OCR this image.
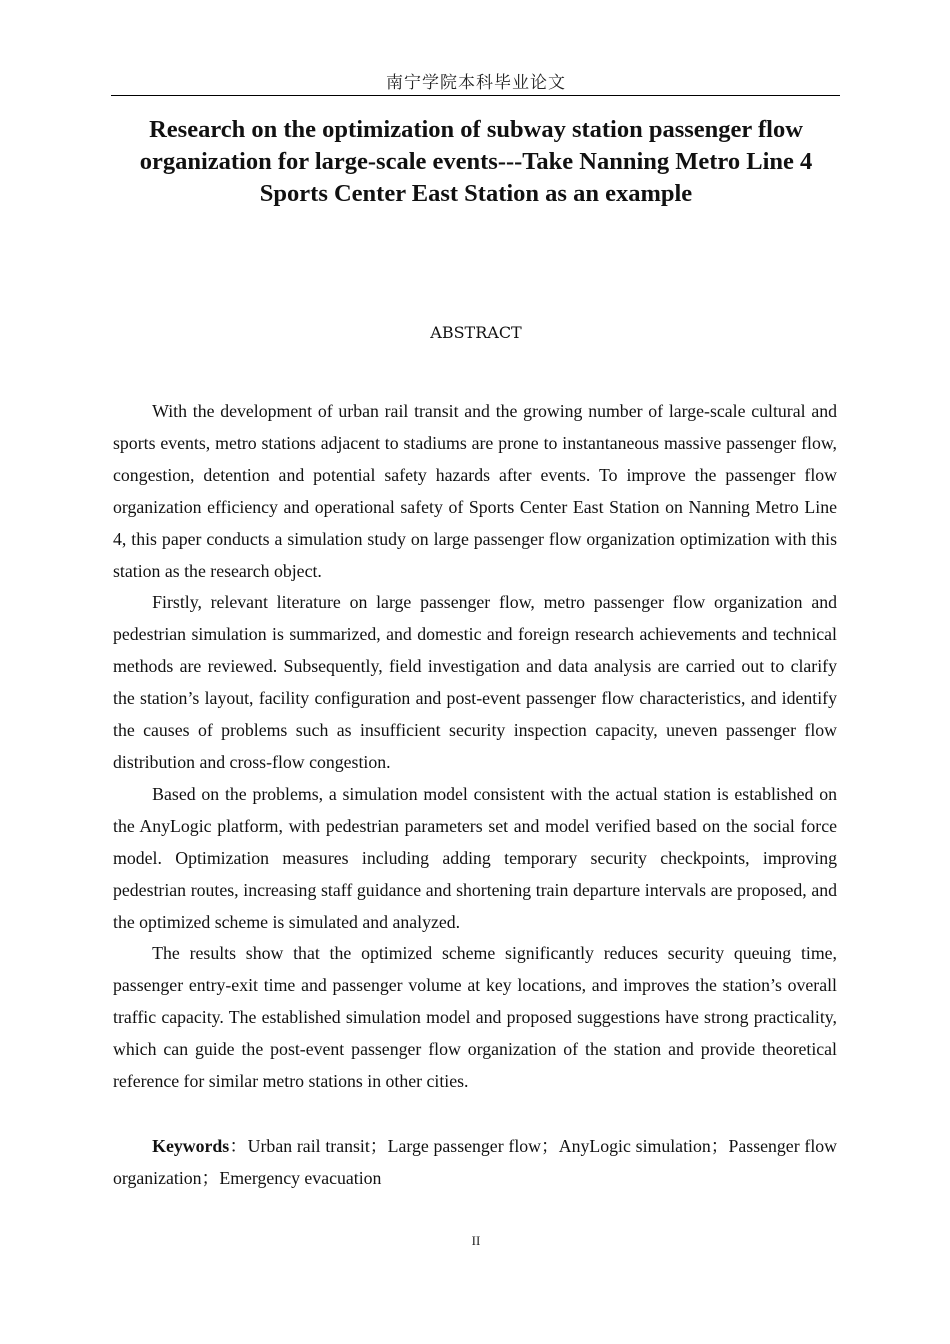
南宁学院本科毕业论文
Research on the optimization of subway station passenger flow
organization for large-scale events---Take Nanning Metro Line 4
Sports Center East Station as an example
ABSTRACT

With the development of urban rail transit and the growing number of large-scale cultural and sports events, metro stations adjacent to stadiums are prone to instantaneous massive passenger flow, congestion, detention and potential safety hazards after events. To improve the passenger flow organization efficiency and operational safety of Sports Center East Station on Nanning Metro Line 4, this paper conducts a simulation study on large passenger flow organization optimization with this station as the research object.

Firstly, relevant literature on large passenger flow, metro passenger flow organization and pedestrian simulation is summarized, and domestic and foreign research achievements and technical methods are reviewed. Subsequently, field investigation and data analysis are carried out to clarify the station’s layout, facility configuration and post-event passenger flow characteristics, and identify the causes of problems such as insufficient security inspection capacity, uneven passenger flow distribution and cross-flow congestion.

Based on the problems, a simulation model consistent with the actual station is established on the AnyLogic platform, with pedestrian parameters set and model verified based on the social force model. Optimization measures including adding temporary security checkpoints, improving pedestrian routes, increasing staff guidance and shortening train departure intervals are proposed, and the optimized scheme is simulated and analyzed.

The results show that the optimized scheme significantly reduces security queuing time, passenger entry-exit time and passenger volume at key locations, and improves the station’s overall traffic capacity. The established simulation model and proposed suggestions have strong practicality, which can guide the post-event passenger flow organization of the station and provide theoretical reference for similar metro stations in other cities.

Keywords：Urban rail transit；Large passenger flow；AnyLogic simulation；Passenger flow organization；Emergency evacuation

II
